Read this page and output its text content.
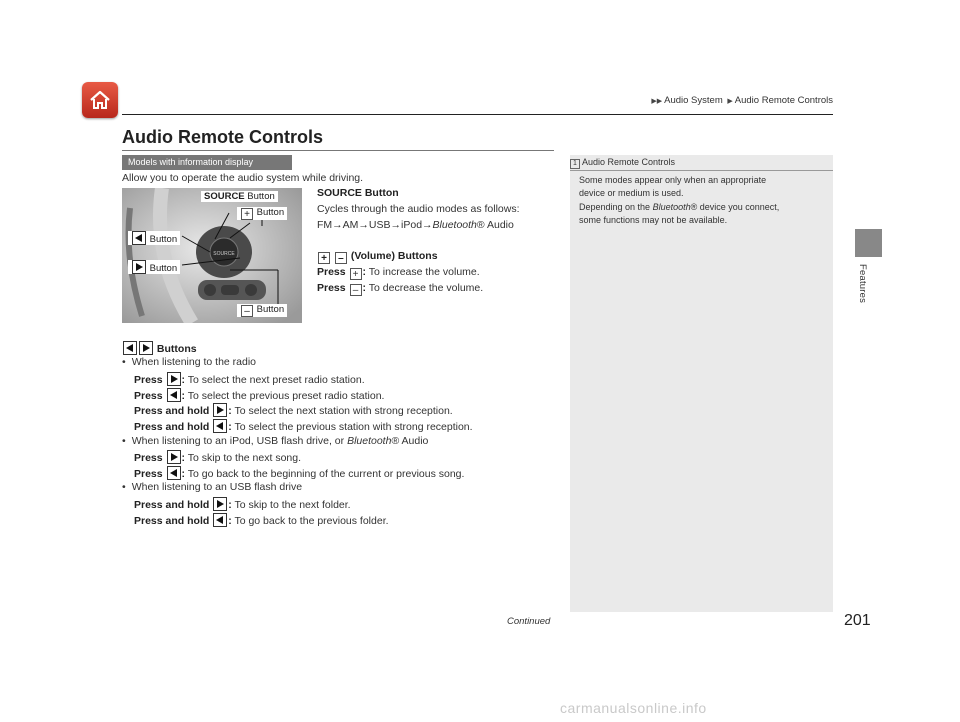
▶▶ Audio System ▶ Audio Remote Controls
Features
Audio Remote Controls
Models with information display
Allow you to operate the audio system while driving.
SOURCE
SOURCE Button
+ Button
Button
Button
– Button
SOURCE Button
Cycles through the audio modes as follows:
FM→AM→USB→iPod→Bluetooth® Audio
+ – (Volume) Buttons
Press + : To increase the volume.
Press – : To decrease the volume.
Buttons
• When listening to the radio
Press : To select the next preset radio station.
Press : To select the previous preset radio station.
Press and hold : To select the next station with strong reception.
Press and hold : To select the previous station with strong reception.
• When listening to an iPod, USB flash drive, or Bluetooth® Audio
Press : To skip to the next song.
Press : To go back to the beginning of the current or previous song.
• When listening to an USB flash drive
Press and hold : To skip to the next folder.
Press and hold : To go back to the previous folder.
1 Audio Remote Controls
Some modes appear only when an appropriate
device or medium is used.
Depending on the Bluetooth® device you connect,
some functions may not be available.
Continued	201
carmanualsonline.info
